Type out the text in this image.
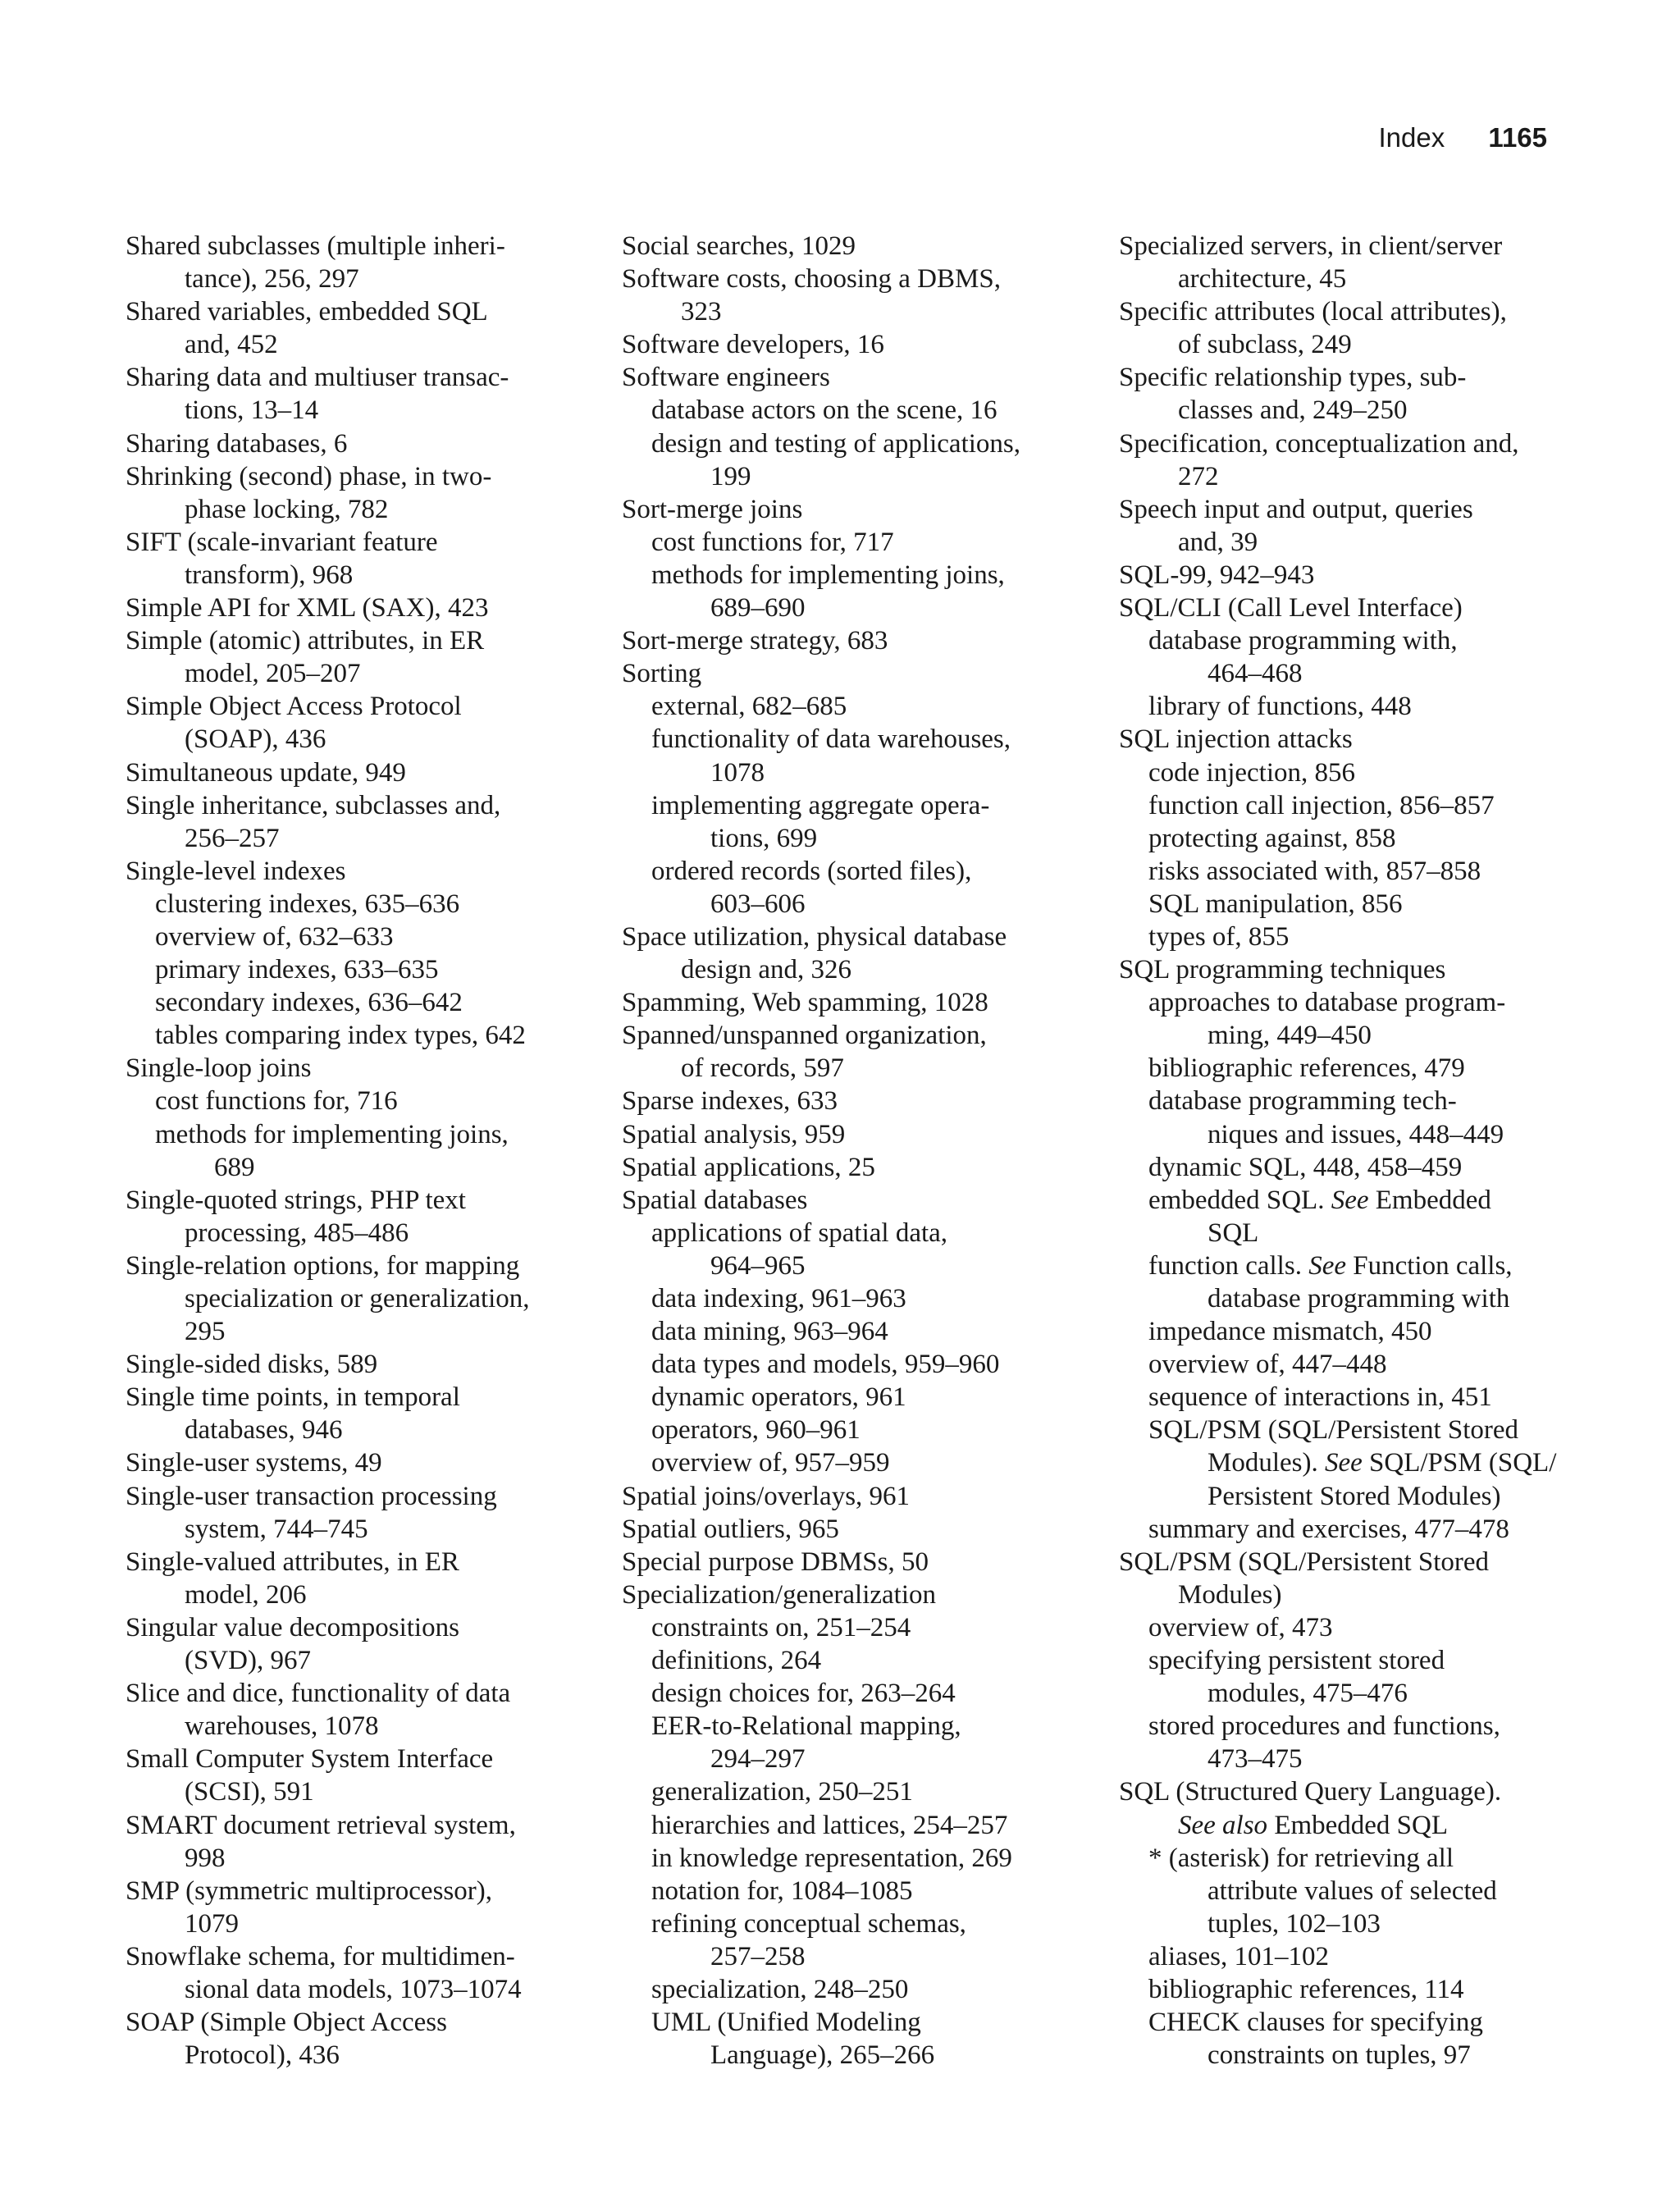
Index 1165

Shared subclasses (multiple inheri-
tance), 256, 297

Shared variables, embedded SQL
and, 452

Sharing data and multiuser transac-
tions, 13–14

Sharing databases, 6

Shrinking (second) phase, in two-
phase locking, 782

SIFT (scale-invariant feature
transform), 968

Simple API for XML (SAX), 423

Simple (atomic) attributes, in ER
model, 205–207

Simple Object Access Protocol
(SOAP), 436

Simultaneous update, 949

Single inheritance, subclasses and,
256–257

Single-level indexes

clustering indexes, 635–636

overview of, 632–633

primary indexes, 633–635

secondary indexes, 636–642

tables comparing index types, 642

Single-loop joins

cost functions for, 716

methods for implementing joins,
689

Single-quoted strings, PHP text
processing, 485–486

Single-relation options, for mapping
specialization or generalization,
295

Single-sided disks, 589

Single time points, in temporal
databases, 946

Single-user systems, 49

Single-user transaction processing
system, 744–745

Single-valued attributes, in ER
model, 206

Singular value decompositions
(SVD), 967

Slice and dice, functionality of data
warehouses, 1078

Small Computer System Interface
(SCSI), 591

SMART document retrieval system,
998

SMP (symmetric multiprocessor),
1079

Snowflake schema, for multidimen-
sional data models, 1073–1074

SOAP (Simple Object Access
Protocol), 436

Social searches, 1029

Software costs, choosing a DBMS,
323

Software developers, 16

Software engineers

database actors on the scene, 16

design and testing of applications,
199

Sort-merge joins

cost functions for, 717

methods for implementing joins,
689–690

Sort-merge strategy, 683

Sorting

external, 682–685

functionality of data warehouses,
1078

implementing aggregate opera-
tions, 699

ordered records (sorted files),
603–606

Space utilization, physical database
design and, 326

Spamming, Web spamming, 1028

Spanned/unspanned organization,
of records, 597

Sparse indexes, 633

Spatial analysis, 959

Spatial applications, 25

Spatial databases

applications of spatial data,
964–965

data indexing, 961–963

data mining, 963–964

data types and models, 959–960

dynamic operators, 961

operators, 960–961

overview of, 957–959

Spatial joins/overlays, 961

Spatial outliers, 965

Special purpose DBMSs, 50

Specialization/generalization

constraints on, 251–254

definitions, 264

design choices for, 263–264

EER-to-Relational mapping,
294–297

generalization, 250–251

hierarchies and lattices, 254–257

in knowledge representation, 269

notation for, 1084–1085

refining conceptual schemas,
257–258

specialization, 248–250

UML (Unified Modeling
Language), 265–266

Specialized servers, in client/server
architecture, 45

Specific attributes (local attributes),
of subclass, 249

Specific relationship types, sub-
classes and, 249–250

Specification, conceptualization and,
272

Speech input and output, queries
and, 39

SQL-99, 942–943

SQL/CLI (Call Level Interface)

database programming with,
464–468

library of functions, 448

SQL injection attacks

code injection, 856

function call injection, 856–857

protecting against, 858

risks associated with, 857–858

SQL manipulation, 856

types of, 855

SQL programming techniques

approaches to database program-
ming, 449–450

bibliographic references, 479

database programming tech-
niques and issues, 448–449

dynamic SQL, 448, 458–459

embedded SQL. See Embedded
SQL

function calls. See Function calls,
database programming with

impedance mismatch, 450

overview of, 447–448

sequence of interactions in, 451

SQL/PSM (SQL/Persistent Stored
Modules). See SQL/PSM (SQL/
Persistent Stored Modules)

summary and exercises, 477–478

SQL/PSM (SQL/Persistent Stored
Modules)

overview of, 473

specifying persistent stored
modules, 475–476

stored procedures and functions,
473–475

SQL (Structured Query Language).
See also Embedded SQL

* (asterisk) for retrieving all
attribute values of selected
tuples, 102–103

aliases, 101–102

bibliographic references, 114

CHECK clauses for specifying
constraints on tuples, 97
